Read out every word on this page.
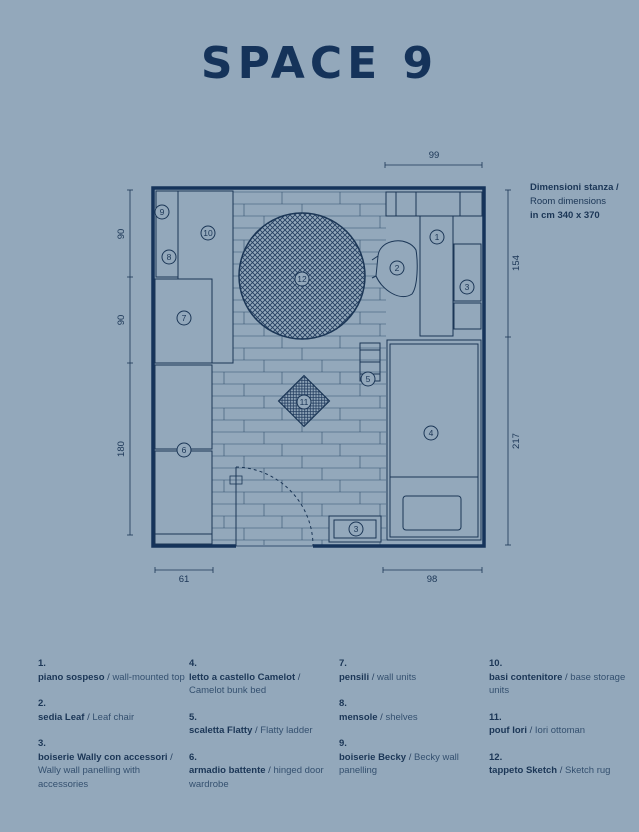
SPACE 9
Dimensioni stanza /
Room dimensions
in cm 340 x 370
99
90
90
180
154
217
61	98
1
2
3
3
4
5
6
7
8
9
10
11
12
1.
piano sospeso / wall-mounted top
2.
sedia Leaf / Leaf chair
3.
boiserie Wally con accessori / Wally wall panelling with accessories
4.
letto a castello Camelot / Camelot bunk bed
5.
scaletta Flatty / Flatty ladder
6.
armadio battente / hinged door wardrobe
7.
pensili / wall units
8.
mensole / shelves
9.
boiserie Becky / Becky wall panelling
10.
basi contenitore / base storage units
11.
pouf Iori / Iori ottoman
12.
tappeto Sketch / Sketch rug
